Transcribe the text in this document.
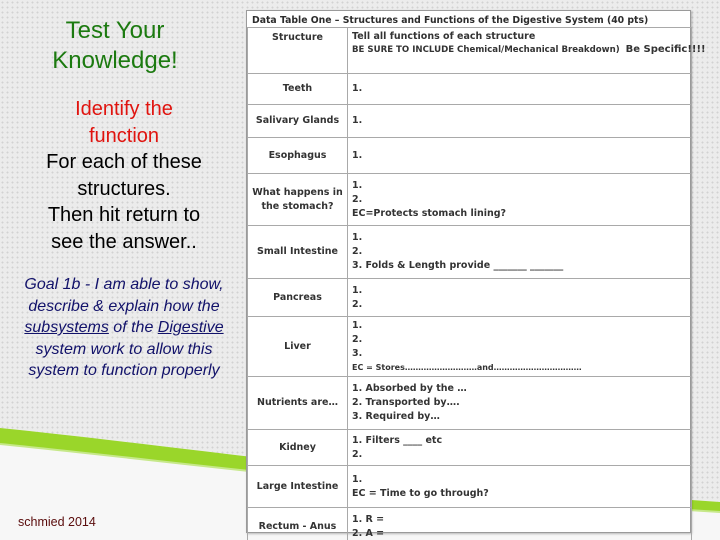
Test Your
Knowledge!
Identify the
function
For each of these
structures.
Then hit return to
see the answer..
Goal 1b - I am able to show, describe & explain how the subsystems of the Digestive system work to allow this system to function properly
schmied 2014
Data Table One – Structures and Functions of the Digestive System (40 pts)
Structure	Tell all functions of each structure
BE SURE TO INCLUDE Chemical/Mechanical Breakdown) Be Specific!!!!

Teeth	1.

Salivary Glands	1.

Esophagus	1.

What happens in
the stomach?	1.
2.
EC=Protects stomach lining?

Small Intestine	1.
2.
3. Folds & Length provide _______ _______

Pancreas	1.
2.

Liver	1.
2.
3.
EC = Stores………………………and……………………………

Nutrients are…	1. Absorbed by the …
2. Transported by….
3. Required by…

Kidney	1. Filters ____ etc
2.

Large Intestine	1.
EC = Time to go through?

Rectum - Anus	1. R =
2. A =
